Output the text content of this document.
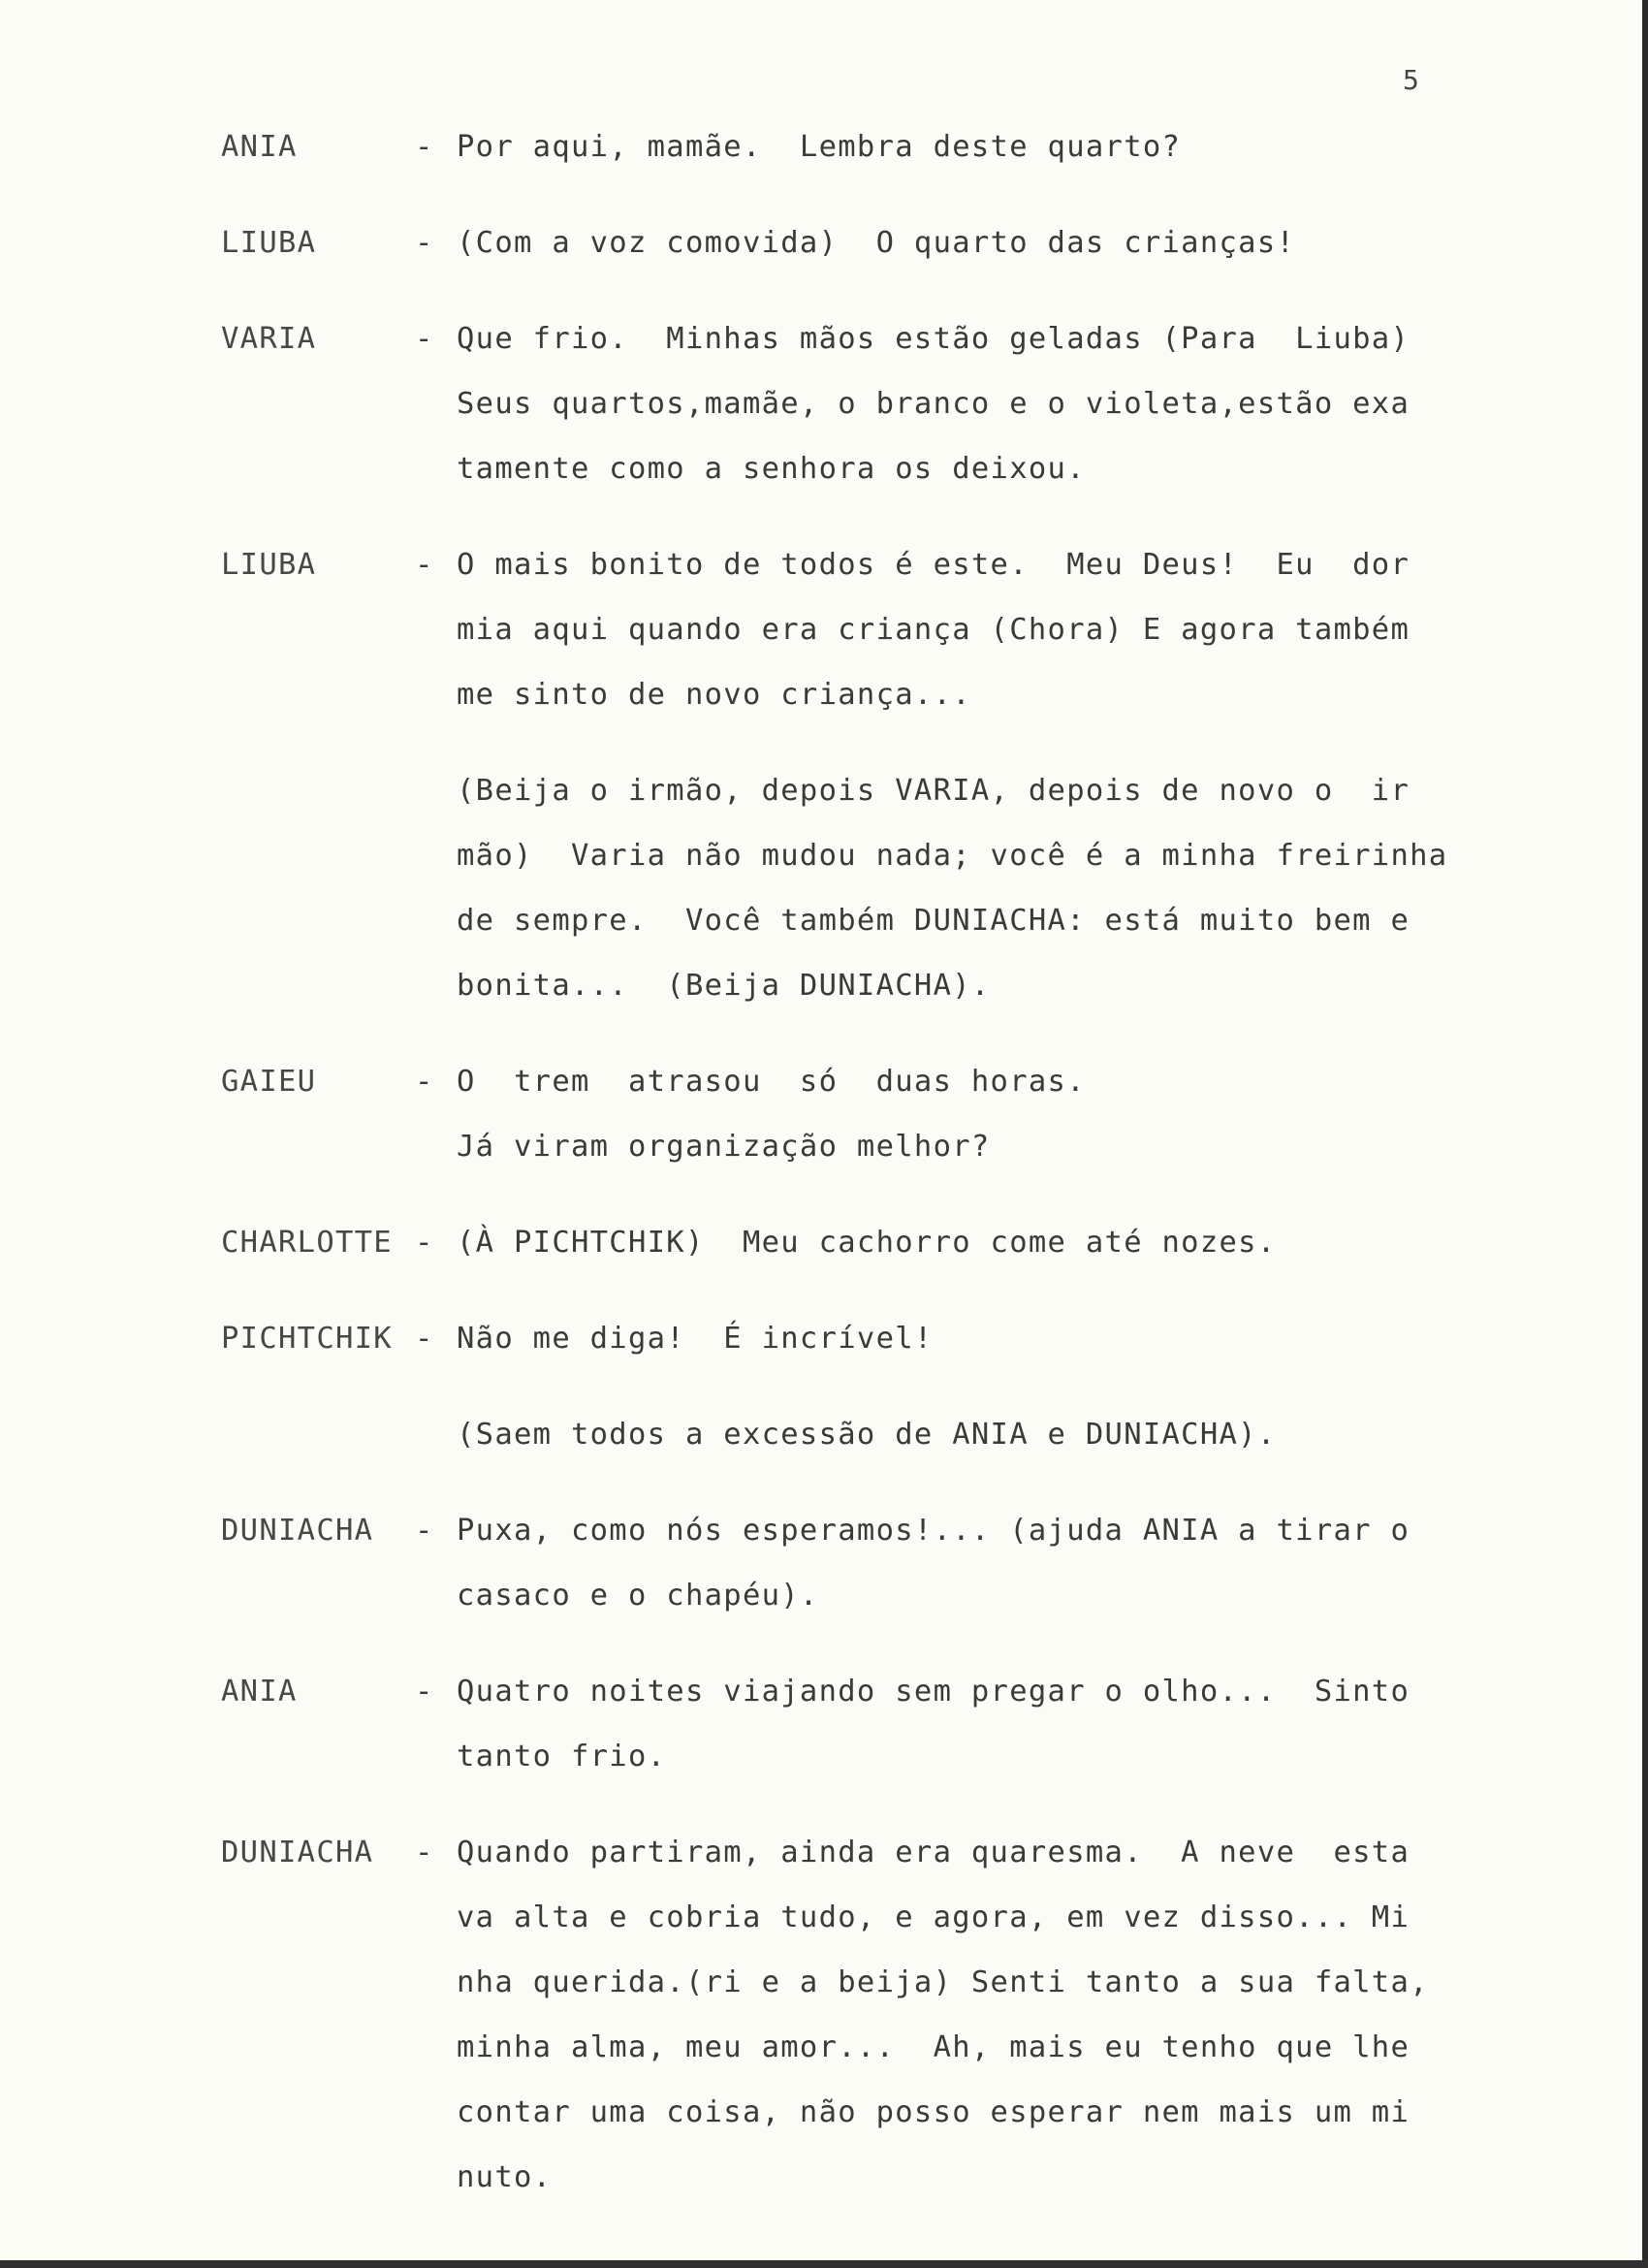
5
ANIA	- Por aqui, mamãe.  Lembra deste quarto?
LIUBA	- (Com a voz comovida)  O quarto das crianças!
VARIA	- Que frio.  Minhas mãos estão geladas (Para  Liuba)
Seus quartos,mamãe, o branco e o violeta,estão exa
tamente como a senhora os deixou.
LIUBA	- O mais bonito de todos é este.  Meu Deus!  Eu  dor
mia aqui quando era criança (Chora) E agora também
me sinto de novo criança...
(Beija o irmão, depois VARIA, depois de novo o  ir
mão)  Varia não mudou nada; você é a minha freirinha
de sempre.  Você também DUNIACHA: está muito bem e
bonita...  (Beija DUNIACHA).
GAIEU	- O  trem  atrasou  só  duas horas.
Já viram organização melhor?
CHARLOTTE - (À PICHTCHIK)  Meu cachorro come até nozes.
PICHTCHIK - Não me diga!  É incrível!
(Saem todos a excessão de ANIA e DUNIACHA).
DUNIACHA	- Puxa, como nós esperamos!... (ajuda ANIA a tirar o
casaco e o chapéu).
ANIA	- Quatro noites viajando sem pregar o olho...  Sinto
tanto frio.
DUNIACHA	- Quando partiram, ainda era quaresma.  A neve  esta
va alta e cobria tudo, e agora, em vez disso... Mi
nha querida.(ri e a beija) Senti tanto a sua falta,
minha alma, meu amor...  Ah, mais eu tenho que lhe
contar uma coisa, não posso esperar nem mais um mi
nuto.
